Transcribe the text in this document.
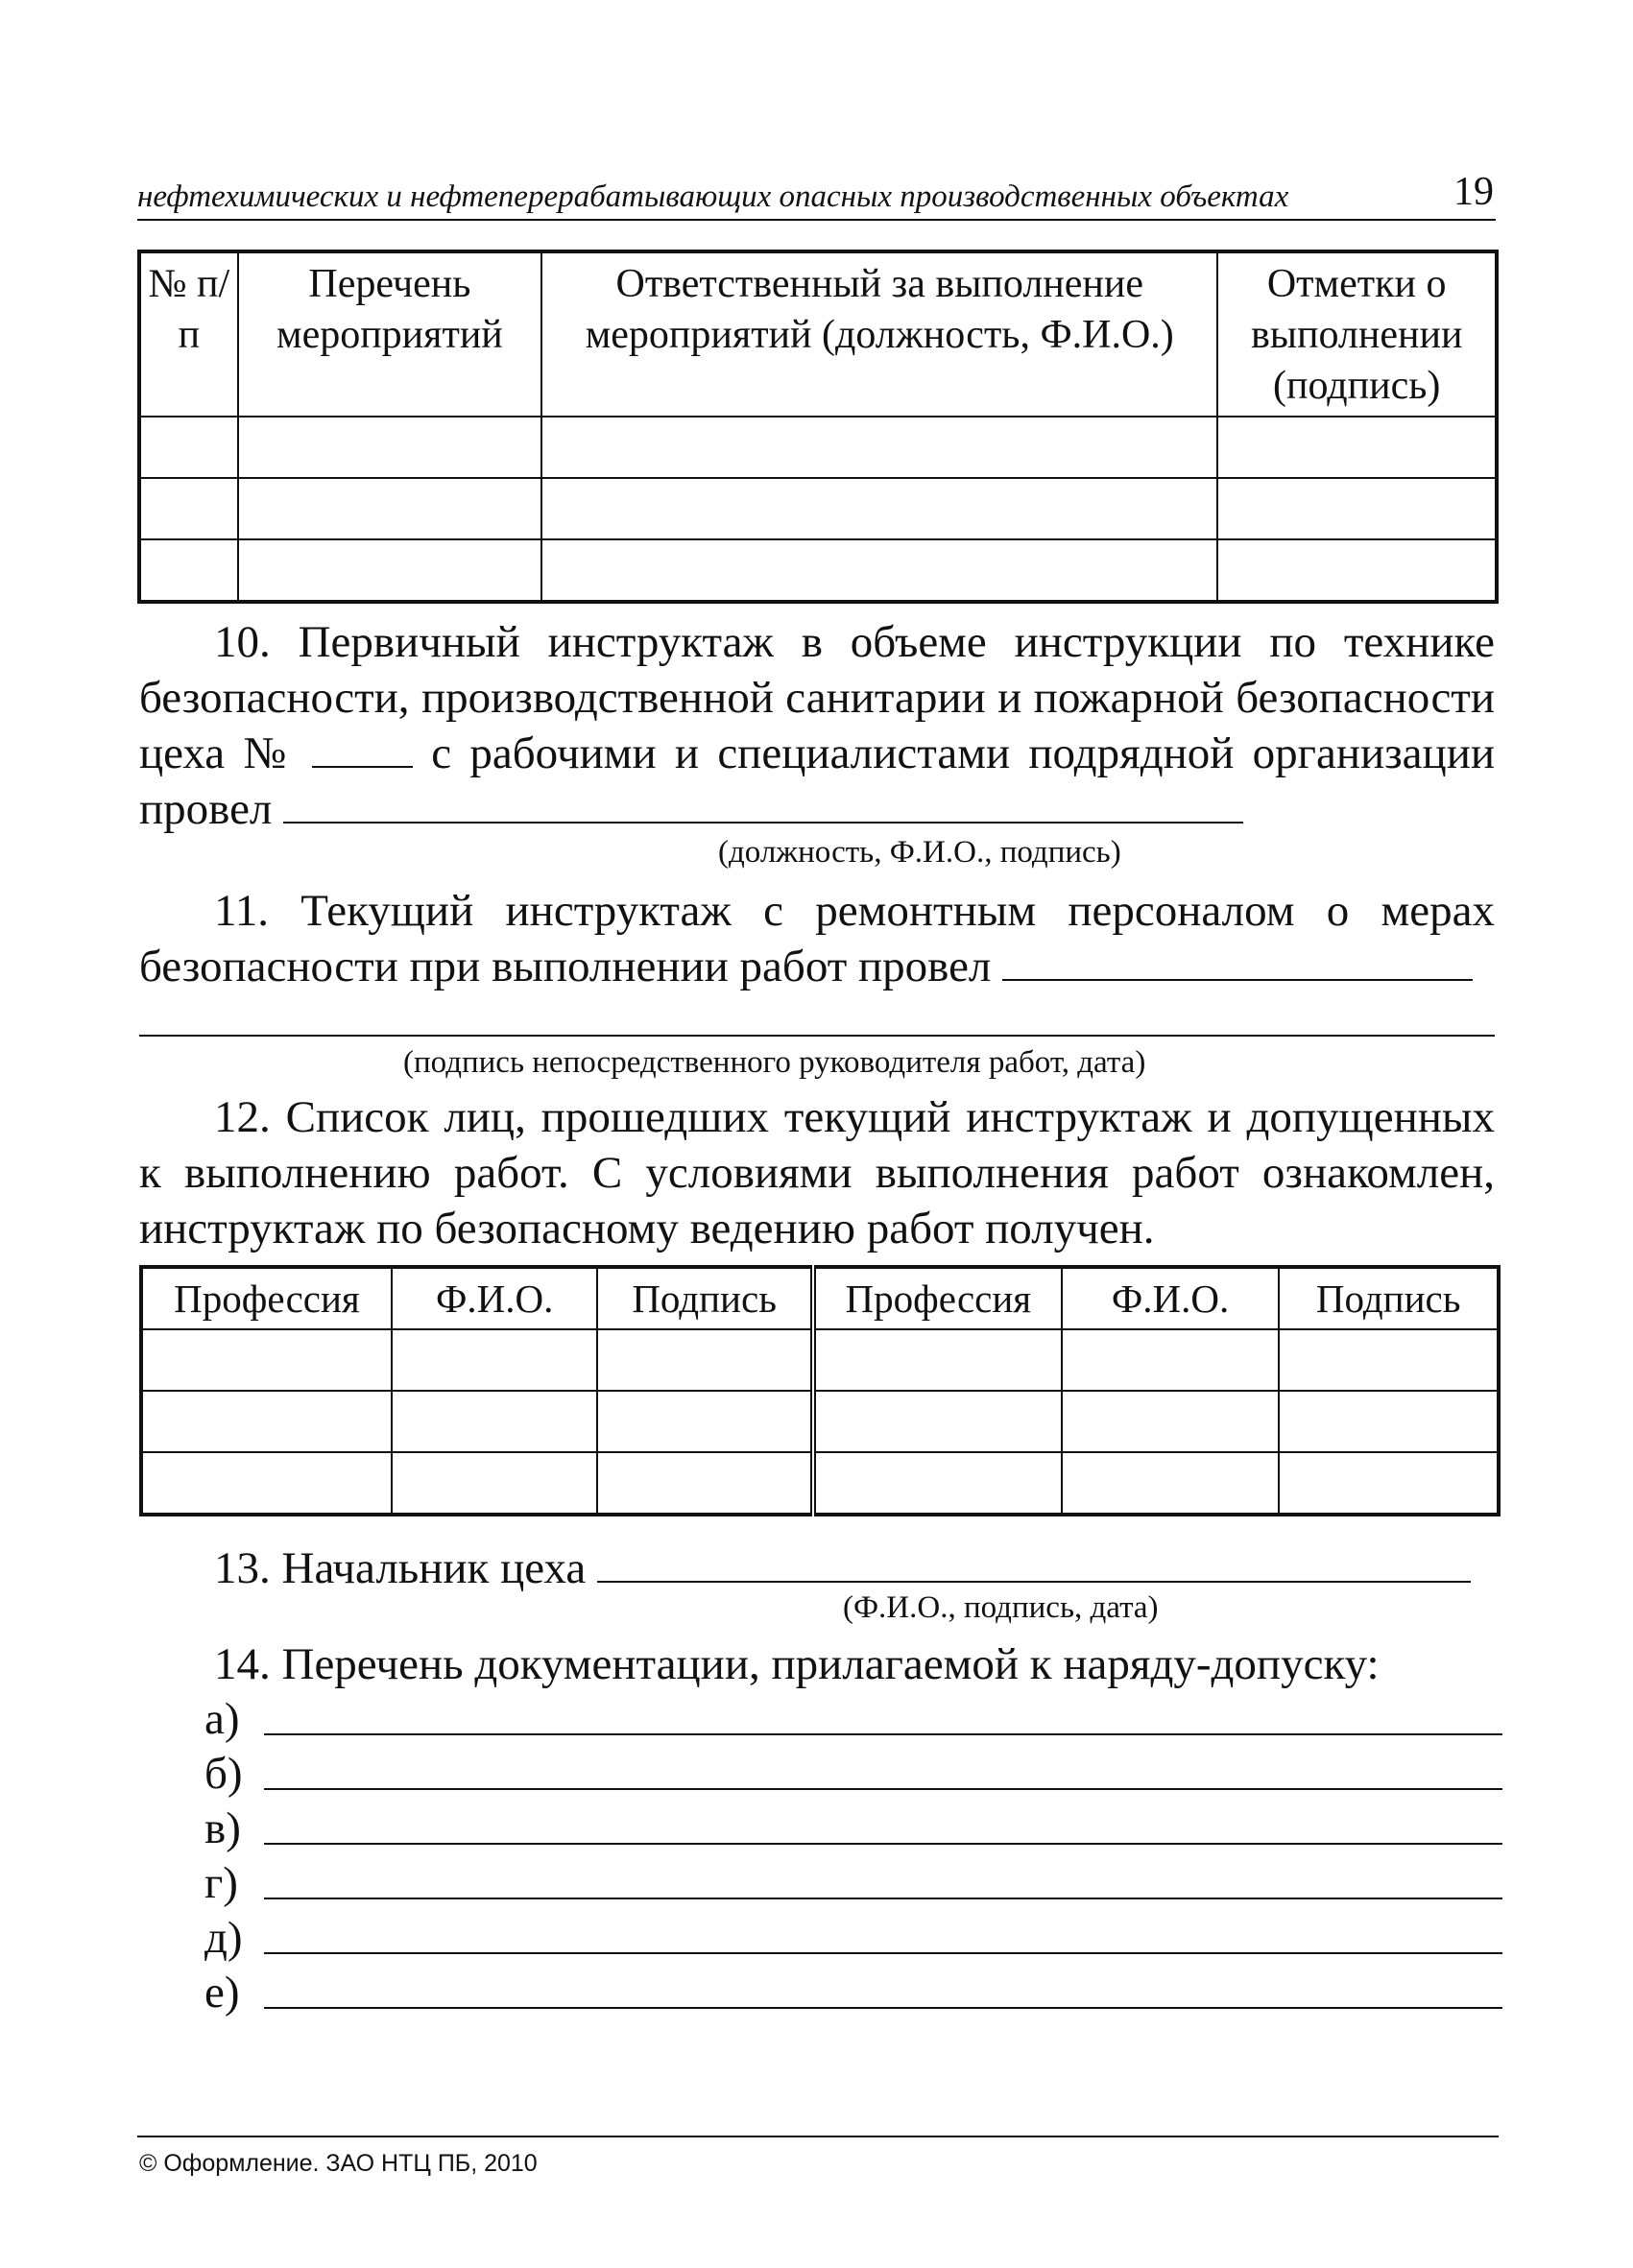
нефтехимических и нефтеперерабатывающих опасных производственных объектах	19
№ п/п	Перечень мероприятий	Ответственный за выполнение мероприятий (должность, Ф.И.О.)	Отметки о выполнении (подпись)

10. Первичный инструктаж в объеме инструкции по технике безопасности, производственной санитарии и пожарной безопасности цеха №	с рабочими и специалистами подрядной организации провел
(должность, Ф.И.О., подпись)
11. Текущий инструктаж с ремонтным персоналом о мерах безопасности при выполнении работ провел
(подпись непосредственного руководителя работ, дата)
12. Список лиц, прошедших текущий инструктаж и допущенных к выполнению работ. С условиями выполнения работ ознакомлен, инструктаж по безопасному ведению работ получен.
Профессия	Ф.И.О.	Подпись	Профессия	Ф.И.О.	Подпись

13. Начальник цеха
(Ф.И.О., подпись, дата)
14. Перечень документации, прилагаемой к наряду-допуску:
а)
б)
в)
г)
д)
е)
© Оформление. ЗАО НТЦ ПБ, 2010
